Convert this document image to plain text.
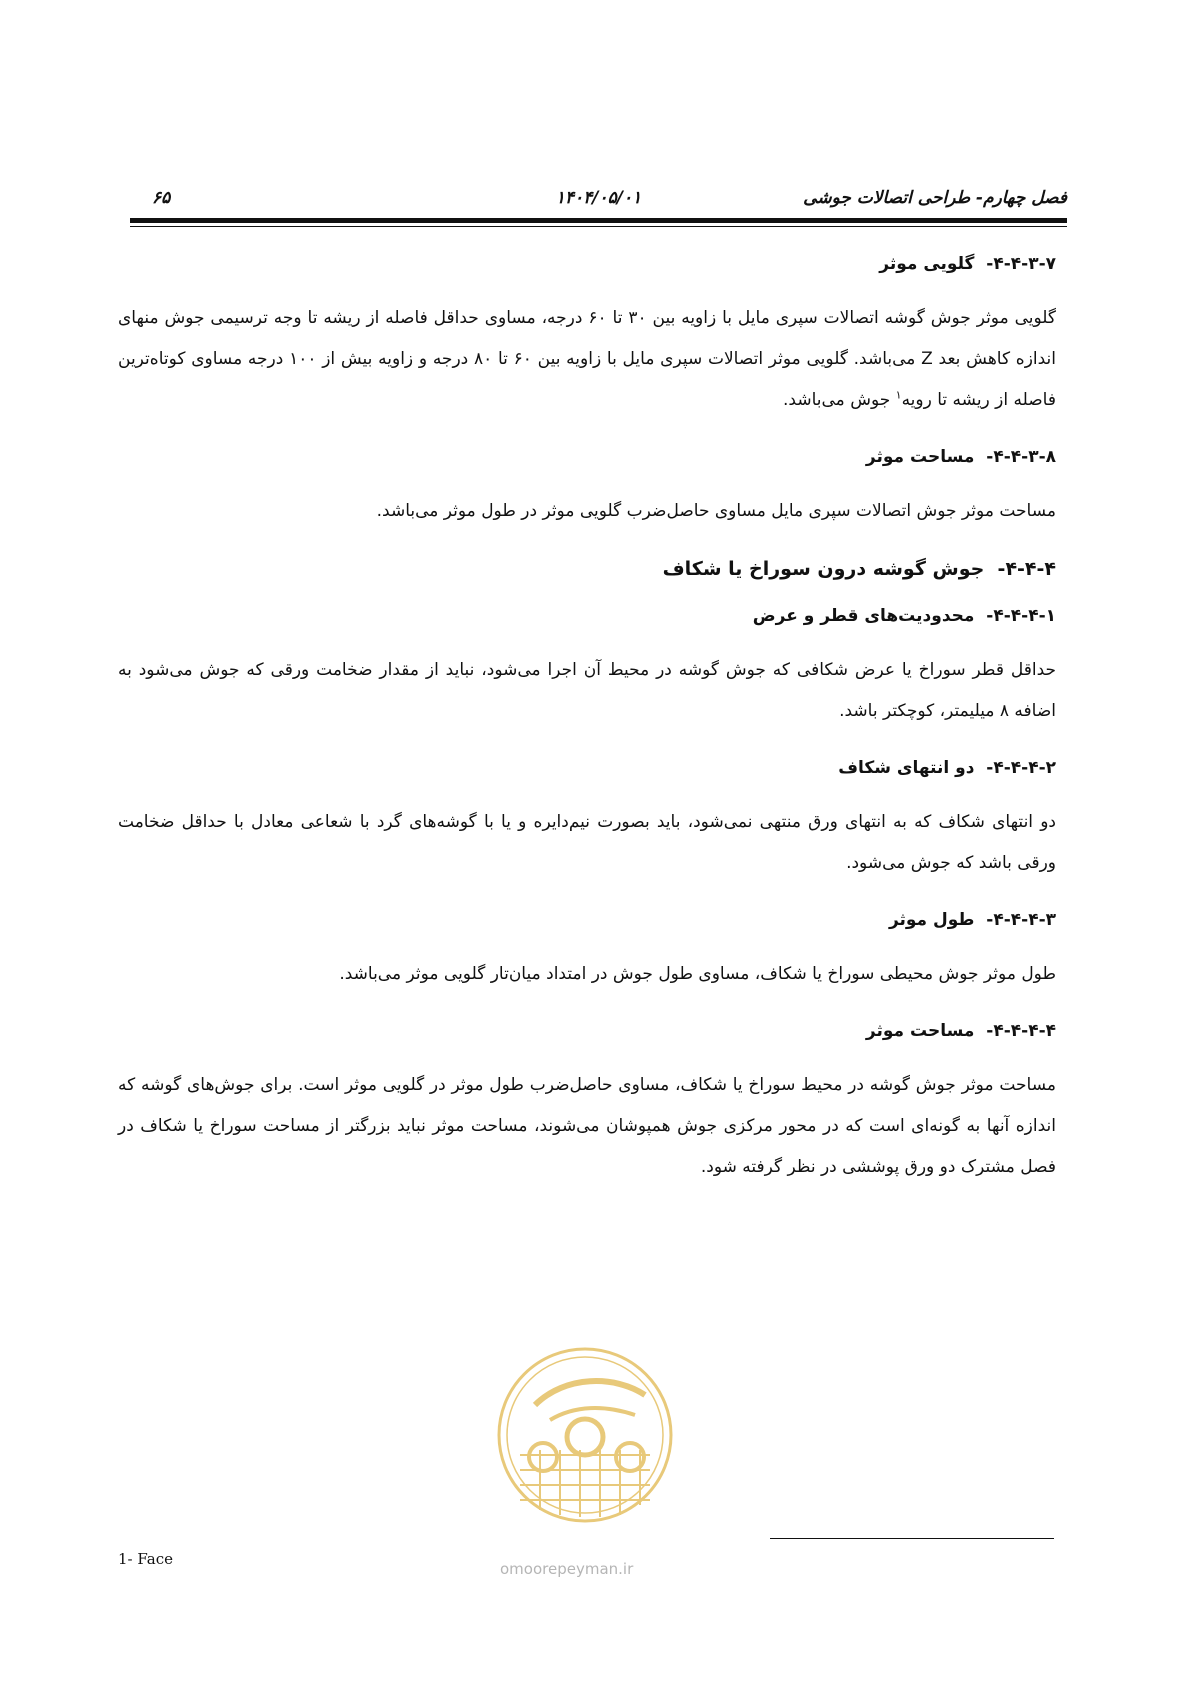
فصل چهارم- طراحی اتصالات جوشی
۱۴۰۴/۰۵/۰۱
۶۵
۴-۴-۳-۷-  گلویی موثر

گلویی موثر جوش گوشه اتصالات سپری مایل با زاویه بین ۳۰ تا ۶۰ درجه، مساوی حداقل فاصله از ریشه تا وجه ترسیمی جوش منهای اندازه کاهش بعد Z می‌باشد. گلویی موثر اتصالات سپری مایل با زاویه بین ۶۰ تا ۸۰ درجه و زاویه بیش از ۱۰۰ درجه مساوی کوتاه‌ترین فاصله از ریشه تا رویه$^۱$ جوش می‌باشد.

۴-۴-۳-۸-  مساحت موثر

مساحت موثر جوش اتصالات سپری مایل مساوی حاصل‌ضرب گلویی موثر در طول موثر می‌باشد.

۴-۴-۴-  جوش گوشه درون سوراخ یا شکاف
۴-۴-۴-۱-  محدودیت‌های قطر و عرض

حداقل قطر سوراخ یا عرض شکافی که جوش گوشه در محیط آن اجرا می‌شود، نباید از مقدار ضخامت ورقی که جوش می‌شود به اضافه ۸ میلیمتر، کوچکتر باشد.

۴-۴-۴-۲-  دو انتهای شکاف

دو انتهای شکاف که به انتهای ورق منتهی نمی‌شود، باید بصورت نیم‌دایره و یا با گوشه‌های گرد با شعاعی معادل با حداقل ضخامت ورقی باشد که جوش می‌شود.

۴-۴-۴-۳-  طول موثر

طول موثر جوش محیطی سوراخ یا شکاف، مساوی طول جوش در امتداد میان‌تار گلویی موثر می‌باشد.

۴-۴-۴-۴-  مساحت موثر

مساحت موثر جوش گوشه در محیط سوراخ یا شکاف، مساوی حاصل‌ضرب طول موثر در گلویی موثر است. برای جوش‌های گوشه که اندازه آنها به گونه‌ای است که در محور مرکزی جوش همپوشان می‌شوند، مساحت موثر نباید بزرگتر از مساحت سوراخ یا شکاف در فصل مشترک دو ورق پوششی در نظر گرفته شود.

omoorepeyman.ir
1- Face
